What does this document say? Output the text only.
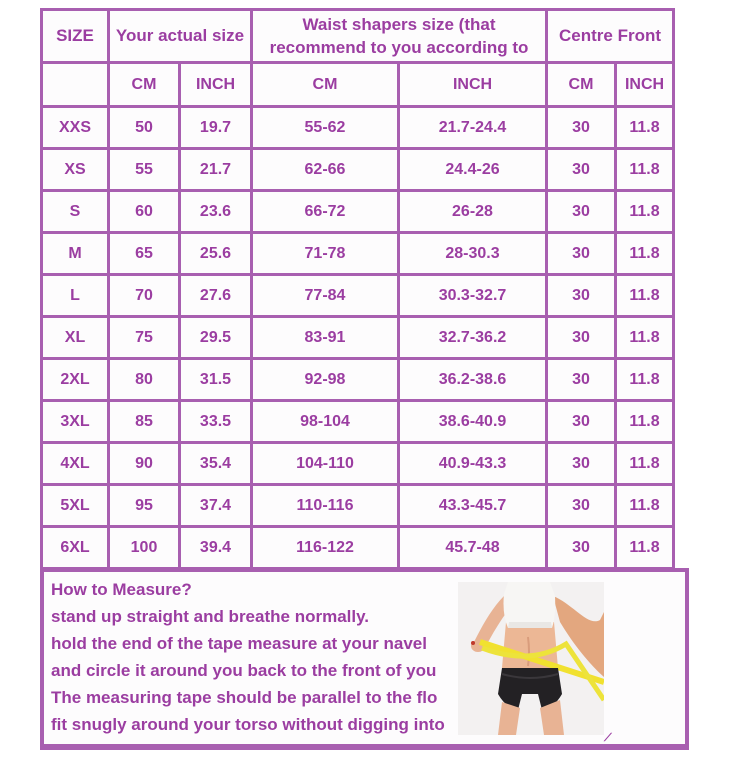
SIZE	Your actual size		Waist shapers size (that
recommend to you according to		Centre Front	
	CM	INCH	CM	INCH	CM	INCH
XXS	50	19.7	55-62	21.7-24.4	30	11.8
XS	55	21.7	62-66	24.4-26	30	11.8
S	60	23.6	66-72	26-28	30	11.8
M	65	25.6	71-78	28-30.3	30	11.8
L	70	27.6	77-84	30.3-32.7	30	11.8
XL	75	29.5	83-91	32.7-36.2	30	11.8
2XL	80	31.5	92-98	36.2-38.6	30	11.8
3XL	85	33.5	98-104	38.6-40.9	30	11.8
4XL	90	35.4	104-110	40.9-43.3	30	11.8
5XL	95	37.4	110-116	43.3-45.7	30	11.8
6XL	100	39.4	116-122	45.7-48	30	11.8
How to Measure?
stand up straight and breathe normally.
hold the end of the tape measure at your navel
and circle it around you back to the front of you
The measuring tape should be parallel to the flo
fit snugly around your torso without digging into
⟋
